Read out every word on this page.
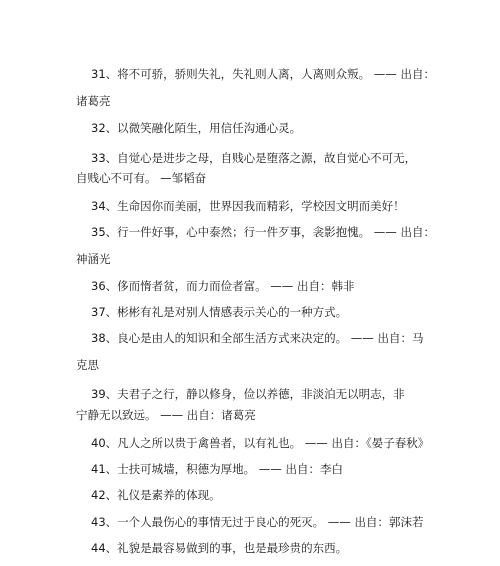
31、将不可骄，骄则失礼，失礼则人离，人离则众叛。 —— 出自：
诸葛亮
32、以微笑融化陌生，用信任沟通心灵。
33、自觉心是进步之母，自贱心是堕落之源，故自觉心不可无，
自贱心不可有。 —邹韬奋
34、生命因你而美丽，世界因我而精彩，学校因文明而美好！
35、行一件好事，心中泰然；行一件歹事，衾影抱愧。 —— 出自：
神涵光
36、侈而惰者贫，而力而俭者富。 —— 出自：韩非
37、彬彬有礼是对别人情感表示关心的一种方式。
38、良心是由人的知识和全部生活方式来决定的。 —— 出自：马
克思
39、夫君子之行，静以修身，俭以养德，非淡泊无以明志，非
宁静无以致远。 —— 出自：诸葛亮
40、凡人之所以贵于禽兽者，以有礼也。 —— 出自：《晏子春秋》
41、士扶可城墙，积德为厚地。 —— 出自：李白
42、礼仪是素养的体现。
43、一个人最伤心的事情无过于良心的死灭。 —— 出自：郭沫若
44、礼貌是最容易做到的事，也是最珍贵的东西。
